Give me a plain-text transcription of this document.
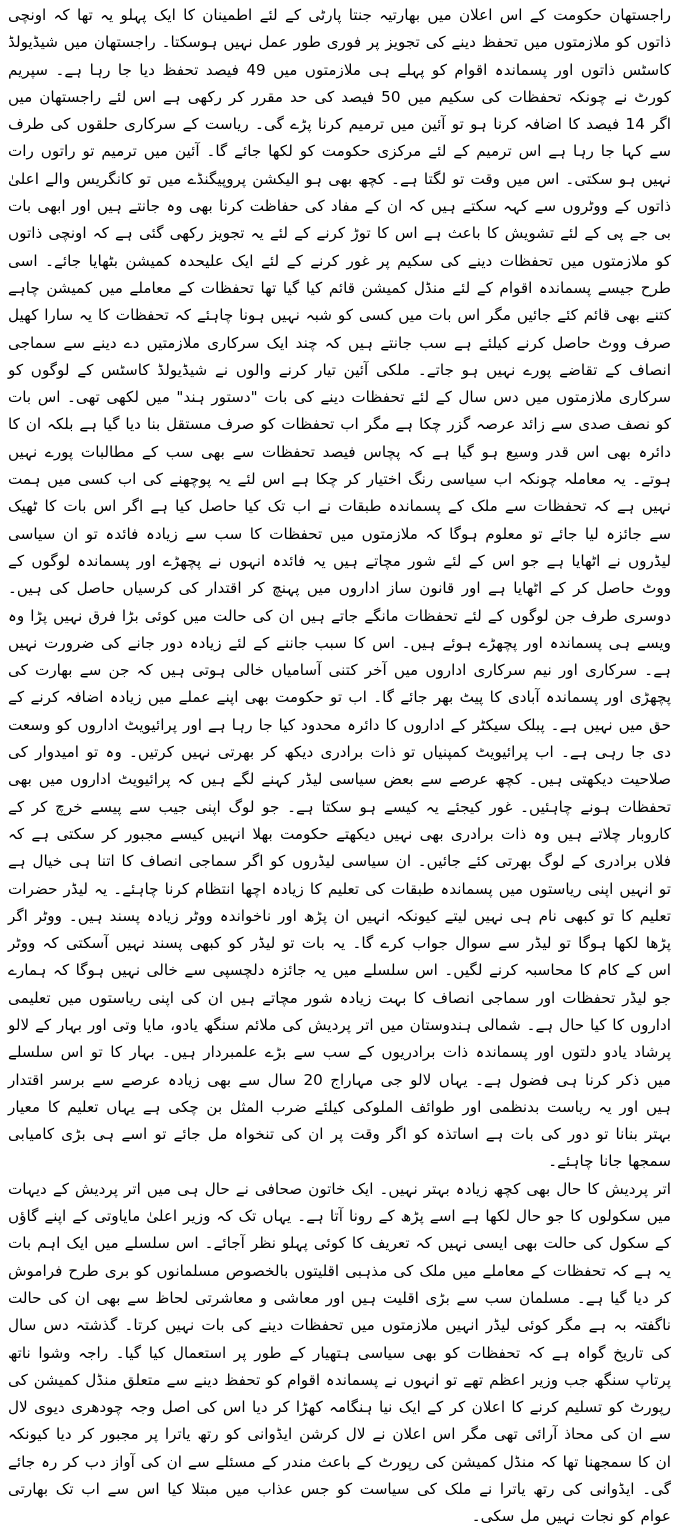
راجستھان حکومت کے اس اعلان میں بھارتیہ جنتا پارٹی کے لئے اطمینان کا ایک پہلو یہ تھا کہ اونچی ذاتوں کو ملازمتوں میں تحفظ دینے کی تجویز پر فوری طور عمل نہیں ہوسکتا۔ راجستھان میں شیڈیولڈ کاسٹس ذاتوں اور پسماندہ اقوام کو پہلے ہی ملازمتوں میں 49 فیصد تحفظ دیا جا رہا ہے۔ سپریم کورٹ نے چونکہ تحفظات کی سکیم میں 50 فیصد کی حد مقرر کر رکھی ہے اس لئے راجستھان میں اگر 14 فیصد کا اضافہ کرنا ہو تو آئین میں ترمیم کرنا پڑے گی۔ ریاست کے سرکاری حلقوں کی طرف سے کہا جا رہا ہے اس ترمیم کے لئے مرکزی حکومت کو لکھا جائے گا۔ آئین میں ترمیم تو راتوں رات نہیں ہو سکتی۔ اس میں وقت تو لگتا ہے۔ کچھ بھی ہو الیکشن پروپیگنڈے میں تو کانگریس والے اعلیٰ ذاتوں کے ووٹروں سے کہہ سکتے ہیں کہ ان کے مفاد کی حفاظت کرنا بھی وہ جانتے ہیں اور ابھی بات بی جے پی کے لئے تشویش کا باعث ہے اس کا توڑ کرنے کے لئے یہ تجویز رکھی گئی ہے کہ اونچی ذاتوں کو ملازمتوں میں تحفظات دینے کی سکیم پر غور کرنے کے لئے ایک علیحدہ کمیشن بٹھایا جائے۔ اسی طرح جیسے پسماندہ اقوام کے لئے منڈل کمیشن قائم کیا گیا تھا تحفظات کے معاملے میں کمیشن چاہے کتنے بھی قائم کئے جائیں مگر اس بات میں کسی کو شبہ نہیں ہونا چاہئے کہ تحفظات کا یہ سارا کھیل صرف ووٹ حاصل کرنے کیلئے ہے سب جانتے ہیں کہ چند ایک سرکاری ملازمتیں دے دینے سے سماجی انصاف کے تقاضے پورے نہیں ہو جاتے۔ ملکی آئین تیار کرنے والوں نے شیڈیولڈ کاسٹس کے لوگوں کو سرکاری ملازمتوں میں دس سال کے لئے تحفظات دینے کی بات "دستور ہند" میں لکھی تھی۔ اس بات کو نصف صدی سے زائد عرصہ گزر چکا ہے مگر اب تحفظات کو صرف مستقل بنا دیا گیا ہے بلکہ ان کا دائرہ بھی اس قدر وسیع ہو گیا ہے کہ پچاس فیصد تحفظات سے بھی سب کے مطالبات پورے نہیں ہوتے۔ یہ معاملہ چونکہ اب سیاسی رنگ اختیار کر چکا ہے اس لئے یہ پوچھنے کی اب کسی میں ہمت نہیں ہے کہ تحفظات سے ملک کے پسماندہ طبقات نے اب تک کیا حاصل کیا ہے اگر اس بات کا ٹھیک سے جائزہ لیا جائے تو معلوم ہوگا کہ ملازمتوں میں تحفظات کا سب سے زیادہ فائدہ تو ان سیاسی لیڈروں نے اٹھایا ہے جو اس کے لئے شور مچاتے ہیں یہ فائدہ انہوں نے پچھڑے اور پسماندہ لوگوں کے ووٹ حاصل کر کے اٹھایا ہے اور قانون ساز اداروں میں پہنچ کر اقتدار کی کرسیاں حاصل کی ہیں۔ دوسری طرف جن لوگوں کے لئے تحفظات مانگے جاتے ہیں ان کی حالت میں کوئی بڑا فرق نہیں پڑا وہ ویسے ہی پسماندہ اور پچھڑے ہوئے ہیں۔ اس کا سبب جاننے کے لئے زیادہ دور جانے کی ضرورت نہیں ہے۔ سرکاری اور نیم سرکاری اداروں میں آخر کتنی آسامیاں خالی ہوتی ہیں کہ جن سے بھارت کی پچھڑی اور پسماندہ آبادی کا پیٹ بھر جائے گا۔ اب تو حکومت بھی اپنے عملے میں زیادہ اضافہ کرنے کے حق میں نہیں ہے۔ پبلک سیکٹر کے اداروں کا دائرہ محدود کیا جا رہا ہے اور پرائیویٹ اداروں کو وسعت دی جا رہی ہے۔ اب پرائیویٹ کمپنیاں تو ذات برادری دیکھ کر بھرتی نہیں کرتیں۔ وہ تو امیدوار کی صلاحیت دیکھتی ہیں۔ کچھ عرصے سے بعض سیاسی لیڈر کہنے لگے ہیں کہ پرائیویٹ اداروں میں بھی تحفظات ہونے چاہئیں۔ غور کیجئے یہ کیسے ہو سکتا ہے۔ جو لوگ اپنی جیب سے پیسے خرچ کر کے کاروبار چلاتے ہیں وہ ذات برادری بھی نہیں دیکھتے حکومت بھلا انہیں کیسے مجبور کر سکتی ہے کہ فلاں برادری کے لوگ بھرتی کئے جائیں۔ ان سیاسی لیڈروں کو اگر سماجی انصاف کا اتنا ہی خیال ہے تو انہیں اپنی ریاستوں میں پسماندہ طبقات کی تعلیم کا زیادہ اچھا انتظام کرنا چاہئے۔ یہ لیڈر حضرات تعلیم کا تو کبھی نام ہی نہیں لیتے کیونکہ انہیں ان پڑھ اور ناخواندہ ووٹر زیادہ پسند ہیں۔ ووٹر اگر پڑھا لکھا ہوگا تو لیڈر سے سوال جواب کرے گا۔ یہ بات تو لیڈر کو کبھی پسند نہیں آسکتی کہ ووٹر اس کے کام کا محاسبہ کرنے لگیں۔ اس سلسلے میں یہ جائزہ دلچسپی سے خالی نہیں ہوگا کہ ہمارے جو لیڈر تحفظات اور سماجی انصاف کا بہت زیادہ شور مچاتے ہیں ان کی اپنی ریاستوں میں تعلیمی اداروں کا کیا حال ہے۔ شمالی ہندوستان میں اتر پردیش کی ملائم سنگھ یادو، مایا وتی اور بہار کے لالو پرشاد یادو دلتوں اور پسماندہ ذات برادریوں کے سب سے بڑے علمبردار ہیں۔ بہار کا تو اس سلسلے میں ذکر کرنا ہی فضول ہے۔ یہاں لالو جی مہاراج 20 سال سے بھی زیادہ عرصے سے برسر اقتدار ہیں اور یہ ریاست بدنظمی اور طوائف الملوکی کیلئے ضرب المثل بن چکی ہے یہاں تعلیم کا معیار بہتر بنانا تو دور کی بات ہے اساتذہ کو اگر وقت پر ان کی تنخواہ مل جائے تو اسے ہی بڑی کامیابی سمجھا جانا چاہئے۔

اتر پردیش کا حال بھی کچھ زیادہ بہتر نہیں۔ ایک خاتون صحافی نے حال ہی میں اتر پردیش کے دیہات میں سکولوں کا جو حال لکھا ہے اسے پڑھ کے رونا آتا ہے۔ یہاں تک کہ وزیر اعلیٰ مایاوتی کے اپنے گاؤں کے سکول کی حالت بھی ایسی نہیں کہ تعریف کا کوئی پہلو نظر آجائے۔ اس سلسلے میں ایک اہم بات یہ ہے کہ تحفظات کے معاملے میں ملک کی مذہبی اقلیتوں بالخصوص مسلمانوں کو بری طرح فراموش کر دیا گیا ہے۔ مسلمان سب سے بڑی اقلیت ہیں اور معاشی و معاشرتی لحاظ سے بھی ان کی حالت ناگفتہ بہ ہے مگر کوئی لیڈر انہیں ملازمتوں میں تحفظات دینے کی بات نہیں کرتا۔ گذشتہ دس سال کی تاریخ گواہ ہے کہ تحفظات کو بھی سیاسی ہتھیار کے طور پر استعمال کیا گیا۔ راجہ وشوا ناتھ پرتاپ سنگھ جب وزیر اعظم تھے تو انہوں نے پسماندہ اقوام کو تحفظ دینے سے متعلق منڈل کمیشن کی رپورٹ کو تسلیم کرنے کا اعلان کر کے ایک نیا ہنگامہ کھڑا کر دیا اس کی اصل وجہ چودھری دیوی لال سے ان کی محاذ آرائی تھی مگر اس اعلان نے لال کرشن ایڈوانی کو رتھ یاترا پر مجبور کر دیا کیونکہ ان کا سمجھنا تھا کہ منڈل کمیشن کی رپورٹ کے باعث مندر کے مسئلے سے ان کی آواز دب کر رہ جائے گی۔ ایڈوانی کی رتھ یاترا نے ملک کی سیاست کو جس عذاب میں مبتلا کیا اس سے اب تک بھارتی عوام کو نجات نہیں مل سکی۔
